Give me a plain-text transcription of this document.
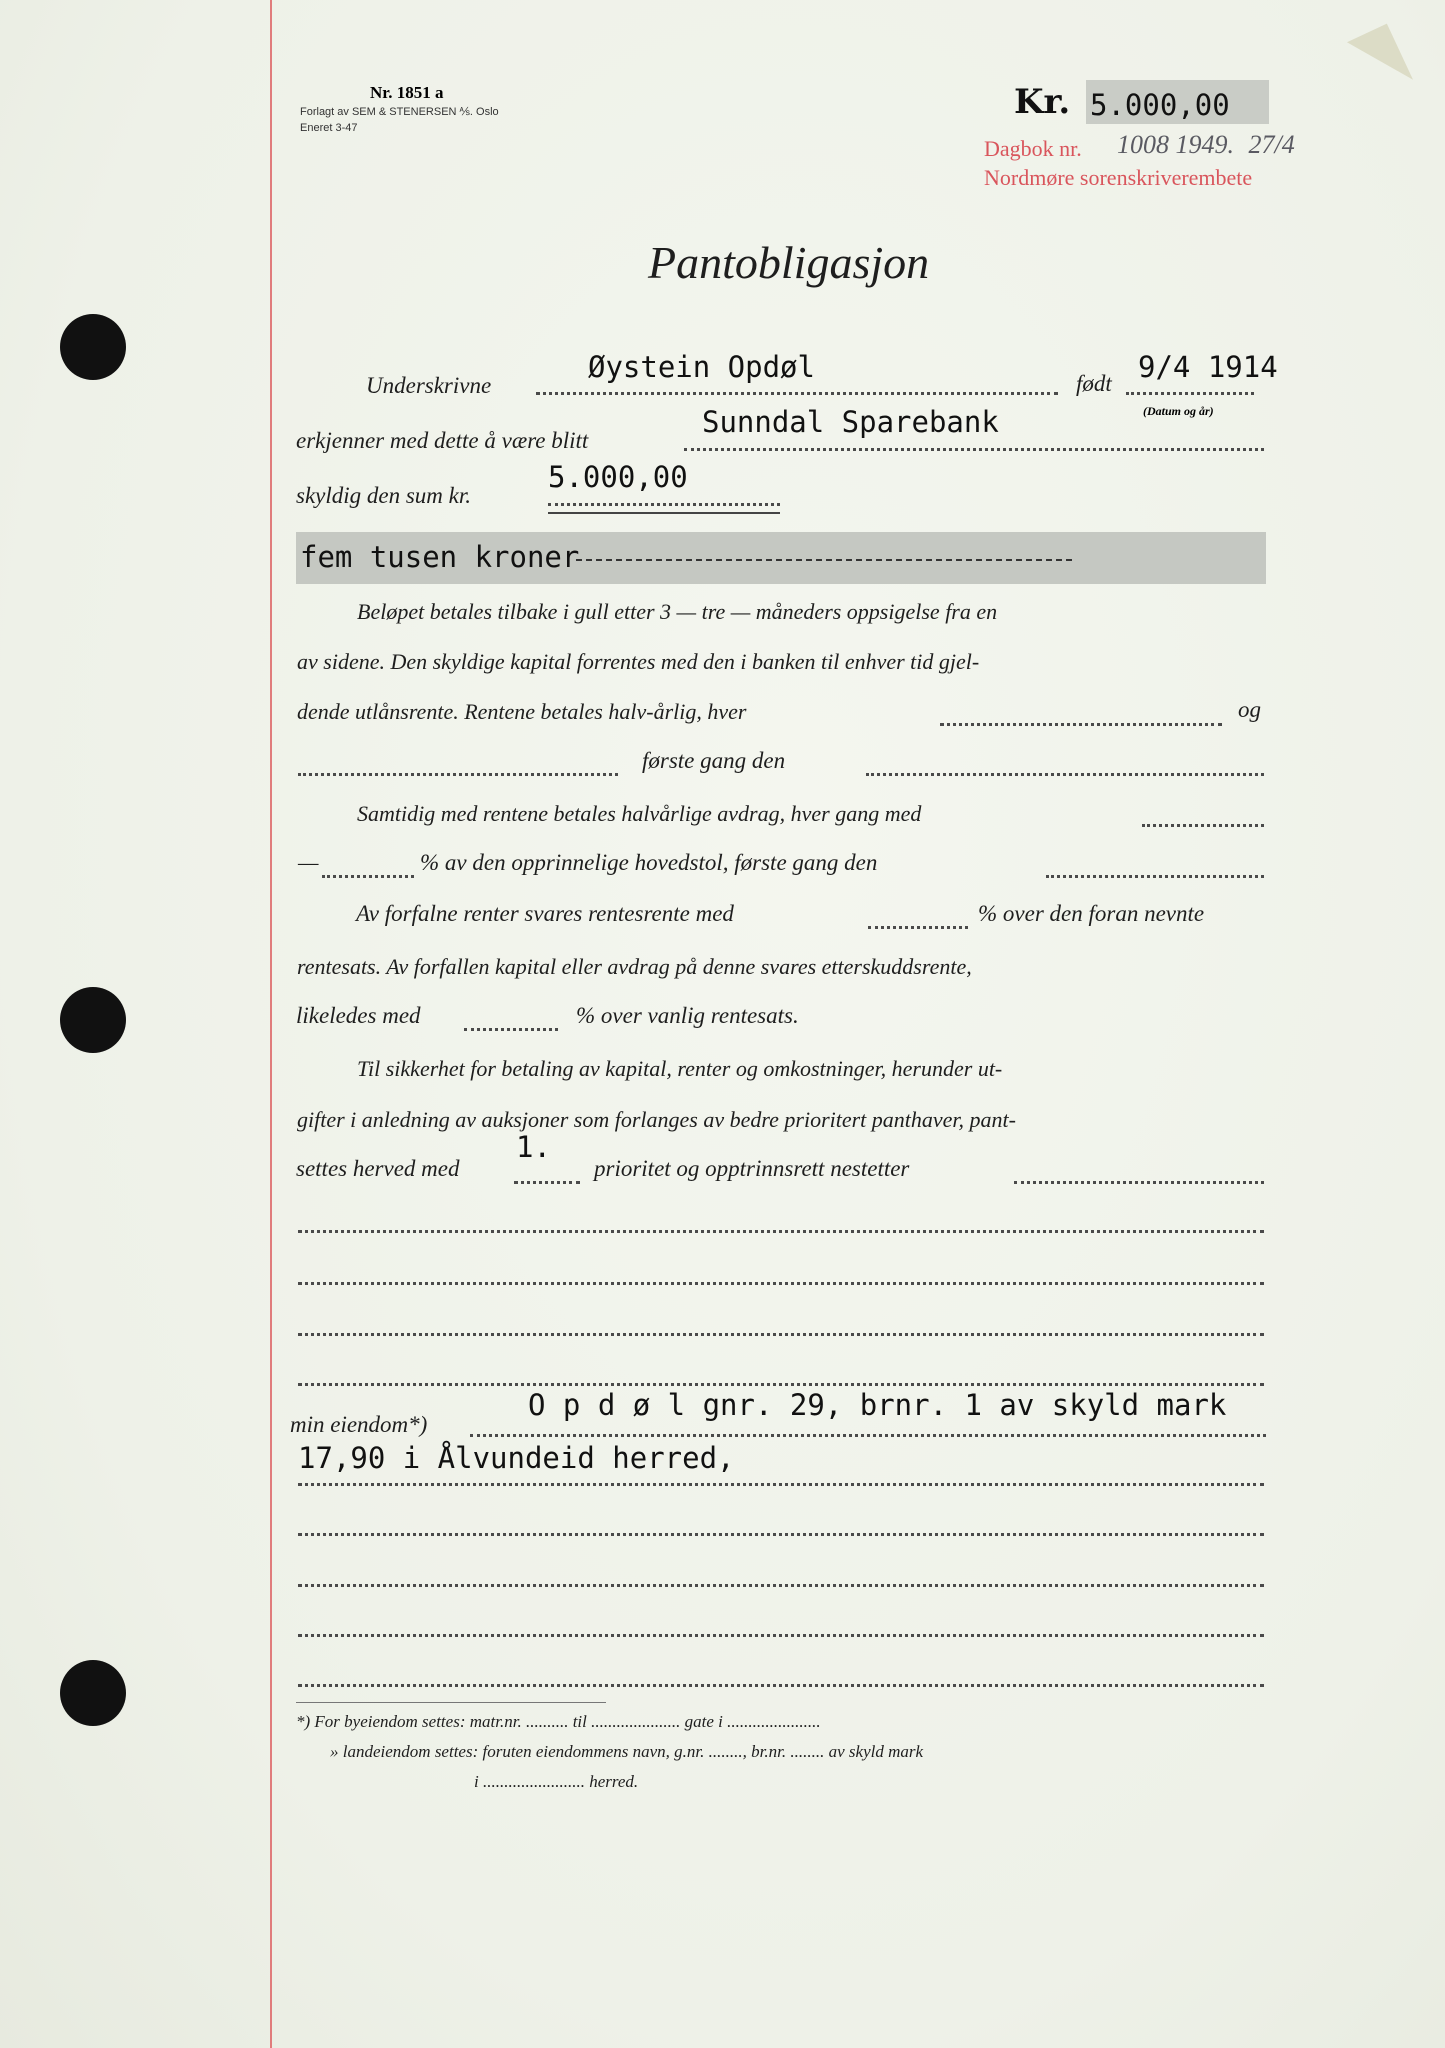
Nr. 1851 a
Forlagt av SEM & STENERSEN ⅍. Oslo
Eneret 3-47
Kr. 5.000,00
Dagbok nr. 1008 1949. 27/4
Nordmøre sorenskriverembete
Pantobligasjon
Underskrivne
Øystein Opdøl	født 9/4 1914
(Datum og år)
erkjenner med dette å være blitt
Sunndal Sparebank
skyldig den sum kr.
5.000,00
fem tusen kroner
Beløpet betales tilbake i gull etter 3 — tre — måneders oppsigelse fra en
av sidene. Den skyldige kapital forrentes med den i banken til enhver tid gjel-
dende utlånsrente. Rentene betales halv-årlig, hver	og
første gang den
Samtidig med rentene betales halvårlige avdrag, hver gang med
—	% av den opprinnelige hovedstol, første gang den
Av forfalne renter svares rentesrente med	% over den foran nevnte
rentesats. Av forfallen kapital eller avdrag på denne svares etterskuddsrente,
likeledes med	% over vanlig rentesats.
Til sikkerhet for betaling av kapital, renter og omkostninger, herunder ut-
gifter i anledning av auksjoner som forlanges av bedre prioritert panthaver, pant-
settes herved med
1.
prioritet og opptrinnsrett nestetter
min eiendom*)
O p d ø l gnr. 29, brnr. 1 av skyld mark
17,90 i Ålvundeid herred,
*) For byeiendom settes: matr.nr. .......... til ..................... gate i ......................
» landeiendom settes: foruten eiendommens navn, g.nr. ........, br.nr. ........ av skyld mark
i ........................ herred.
